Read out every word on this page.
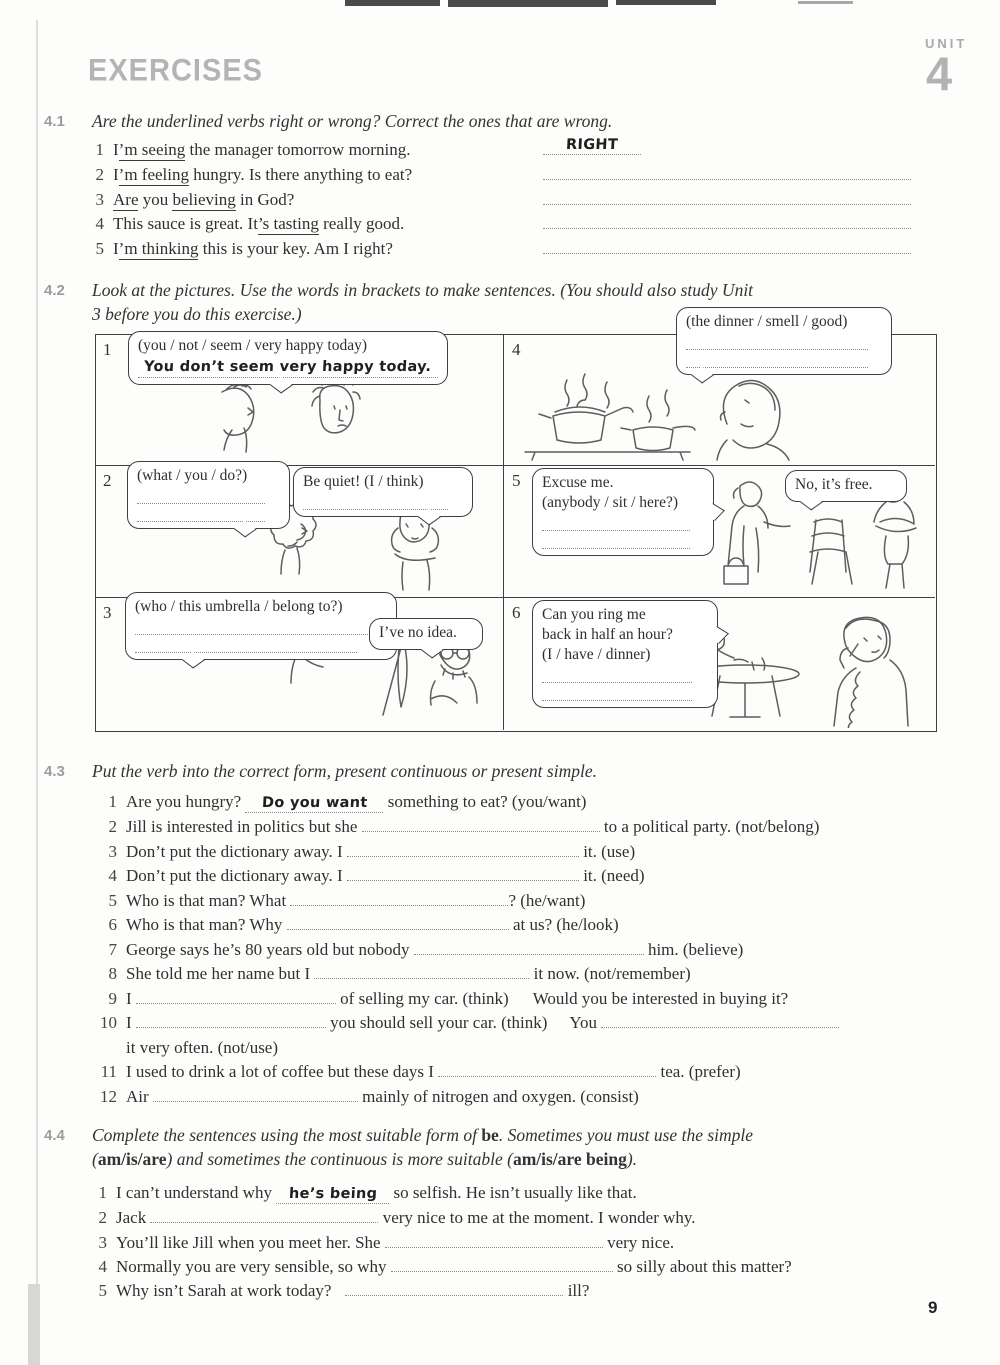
EXERCISES
UNIT
4
4.1 Are the underlined verbs right or wrong? Correct the ones that are wrong.
1 I’m seeing the manager tomorrow morning.	RIGHT
2 I’m feeling hungry. Is there anything to eat?
3 Are you believing in God?
4 This sauce is great. It’s tasting really good.
5 I’m thinking this is your key. Am I right?
4.2 Look at the pictures. Use the words in brackets to make sentences. (You should also study Unit
3 before you do this exercise.)
1
2
3
4
5
6
(you / not / seem / very happy today)
You don’t seem very happy today.
(what / you / do?)	Be quiet! (I / think)
(who / this umbrella / belong to?)
I’ve no idea.
(the dinner / smell / good)
Excuse me.
(anybody / sit / here?)
No, it’s free.
Can you ring me
back in half an hour?
(I / have / dinner)
4.3 Put the verb into the correct form, present continuous or present simple.
1 Are you hungry? Do you want something to eat? (you/want)
2 Jill is interested in politics but she	to a political party. (not/belong)
3 Don’t put the dictionary away. I	it. (use)
4 Don’t put the dictionary away. I	it. (need)
5 Who is that man? What	? (he/want)
6 Who is that man? Why	at us? (he/look)
7 George says he’s 80 years old but nobody	him. (believe)
8 She told me her name but I	it now. (not/remember)
9 I	of selling my car. (think) Would you be interested in buying it?
10 I	you should sell your car. (think) You
it very often. (not/use)
11 I used to drink a lot of coffee but these days I	tea. (prefer)
12 Air	mainly of nitrogen and oxygen. (consist)
4.4 Complete the sentences using the most suitable form of be. Sometimes you must use the simple
(am/is/are) and sometimes the continuous is more suitable (am/is/are being).
1 I can’t understand why he’s being so selfish. He isn’t usually like that.
2 Jack	very nice to me at the moment. I wonder why.
3 You’ll like Jill when you meet her. She	very nice.
4 Normally you are very sensible, so why	so silly about this matter?
5 Why isn’t Sarah at work today?	ill?
9
